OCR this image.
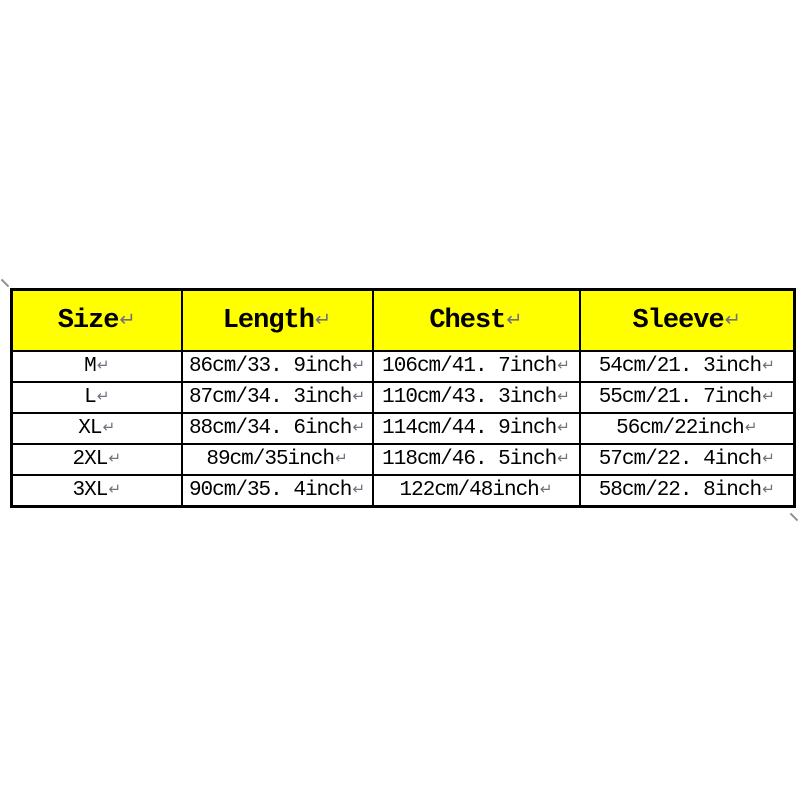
Size↵	Length↵	Chest↵	Sleeve↵
M↵	86cm/33. 9inch↵	106cm/41. 7inch↵	54cm/21. 3inch↵
L↵	87cm/34. 3inch↵	110cm/43. 3inch↵	55cm/21. 7inch↵
XL↵	88cm/34. 6inch↵	114cm/44. 9inch↵	56cm/22inch↵
2XL↵	89cm/35inch↵	118cm/46. 5inch↵	57cm/22. 4inch↵
3XL↵	90cm/35. 4inch↵	122cm/48inch↵	58cm/22. 8inch↵
